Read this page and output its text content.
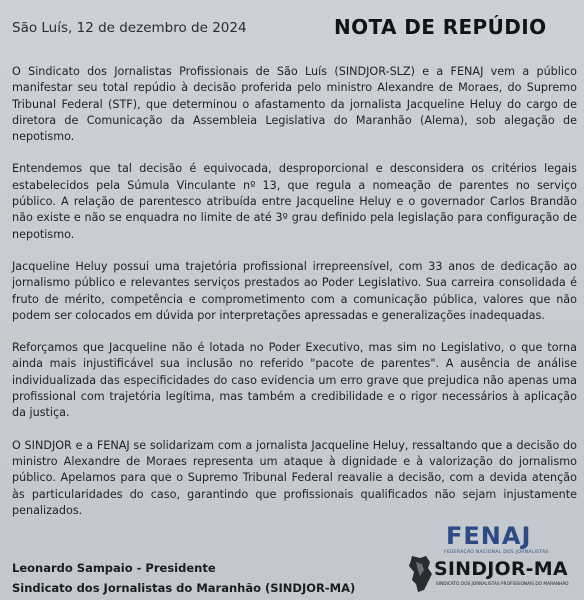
São Luís, 12 de dezembro de 2024	NOTA DE REPÚDIO

O Sindicato dos Jornalistas Profissionais de São Luís (SINDJOR-SLZ) e a FENAJ vem a público manifestar seu total repúdio à decisão proferida pelo ministro Alexandre de Moraes, do Supremo Tribunal Federal (STF), que determinou o afastamento da jornalista Jacqueline Heluy do cargo de diretora de Comunicação da Assembleia Legislativa do Maranhão (Alema), sob alegação de nepotismo.

Entendemos que tal decisão é equivocada, desproporcional e desconsidera os critérios legais estabelecidos pela Súmula Vinculante nº 13, que regula a nomeação de parentes no serviço público. A relação de parentesco atribuída entre Jacqueline Heluy e o governador Carlos Brandão não existe e não se enquadra no limite de até 3º grau definido pela legislação para configuração de nepotismo.

Jacqueline Heluy possui uma trajetória profissional irrepreensível, com 33 anos de dedicação ao jornalismo público e relevantes serviços prestados ao Poder Legislativo. Sua carreira consolidada é fruto de mérito, competência e comprometimento com a comunicação pública, valores que não podem ser colocados em dúvida por interpretações apressadas e generalizações inadequadas.

Reforçamos que Jacqueline não é lotada no Poder Executivo, mas sim no Legislativo, o que torna ainda mais injustificável sua inclusão no referido "pacote de parentes". A ausência de análise individualizada das especificidades do caso evidencia um erro grave que prejudica não apenas uma profissional com trajetória legítima, mas também a credibilidade e o rigor necessários à aplicação da justiça.

O SINDJOR e a FENAJ se solidarizam com a jornalista Jacqueline Heluy, ressaltando que a decisão do ministro Alexandre de Moraes representa um ataque à dignidade e à valorização do jornalismo público. Apelamos para que o Supremo Tribunal Federal reavalie a decisão, com a devida atenção às particularidades do caso, garantindo que profissionais qualificados não sejam injustamente penalizados.

Leonardo Sampaio - Presidente
Sindicato dos Jornalistas do Maranhão (SINDJOR-MA)
FENAJ
FEDERAÇÃO NACIONAL DOS JORNALISTAS
SINDJOR-MA
SINDICATO DOS JORNALISTAS PROFISSIONAIS DO MARANHÃO
